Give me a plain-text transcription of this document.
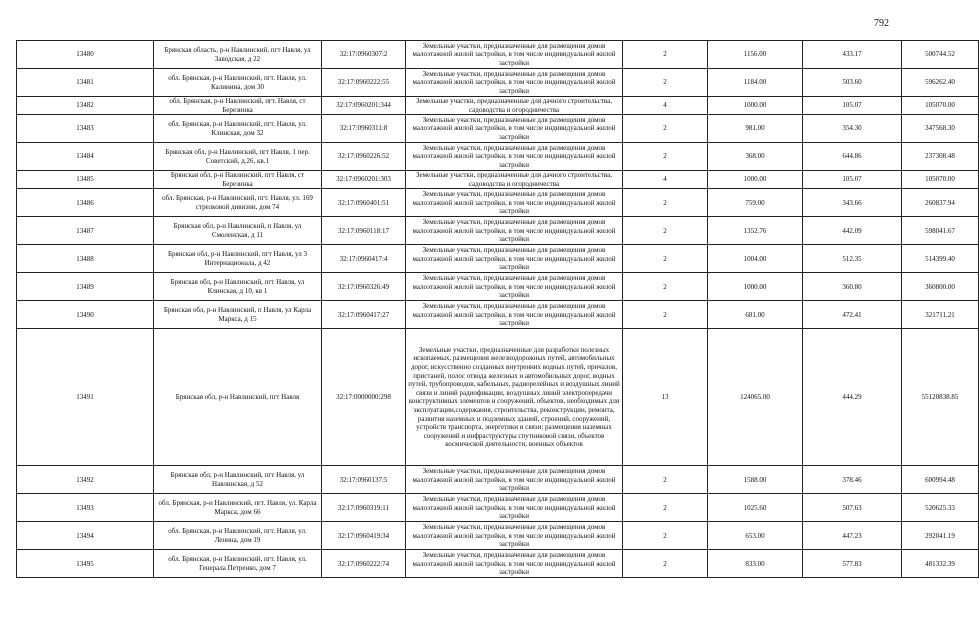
792
13480	Брянская область, р-н Навлинский, пгт Навля, ул Заводская, д 22	32:17:0960307:2	Земельные участки, предназначенные для размещения домов малоэтажной жилой застройки, в том числе индивидуальной жилой застройки	2	1156.00	433.17	500744.52
13481	обл. Брянская, р-н Навлинский, пгт. Навля, ул. Калинина, дом 30	32:17:0960222:55	Земельные участки, предназначенные для размещения домов малоэтажной жилой застройки, в том числе индивидуальной жилой застройки	2	1184.00	503.60	596262.40
13482	обл. Брянская, р-н Навлинский, пгт. Навля, ст Березинка	32:17:0960201:344	Земельные участки, предназначенные для дачного строительства, садоводства и огородничества	4	1000.00	105.07	105070.00
13483	обл. Брянская, р-н Навлинский, пгт. Навля, ул. Клинская, дом 32	32:17:0960311:8	Земельные участки, предназначенные для размещения домов малоэтажной жилой застройки, в том числе индивидуальной жилой застройки	2	981.00	354.30	347568.30
13484	Брянская обл, р-н Навлинский, пгт Навля, 1 пер. Советский, д.26, кв.1	32:17:0960226:52	Земельные участки, предназначенные для размещения домов малоэтажной жилой застройки, в том числе индивидуальной жилой застройки	2	368.00	644.86	237308.48
13485	Брянская обл, р-н Навлинский, пгт Навля, ст Березинка	32:17:0960201:303	Земельные участки, предназначенные для дачного строительства, садоводства и огородничества	4	1000.00	105.07	105070.00
13486	обл. Брянская, р-н Навлинский, пгт. Навля, ул. 169 стрелковой дивизии, дом 74	32:17:0960401:51	Земельные участки, предназначенные для размещения домов малоэтажной жилой застройки, в том числе индивидуальной жилой застройки	2	759.00	343.66	260837.94
13487	Брянская обл, р-н Навлинский, п Навля, ул Смоленская, д 11	32:17:0960118:17	Земельные участки, предназначенные для размещения домов малоэтажной жилой застройки, в том числе индивидуальной жилой застройки	2	1352.76	442.09	598041.67
13488	Брянская обл, р-н Навлинский, пгт Навля, ул 3 Интернационала, д 42	32:17:0960417:4	Земельные участки, предназначенные для размещения домов малоэтажной жилой застройки, в том числе индивидуальной жилой застройки	2	1004.00	512.35	514399.40
13489	Брянская обл, р-н Навлинский, пгт Навля, ул Клинская, д 10, кв 1	32:17:0960326:49	Земельные участки, предназначенные для размещения домов малоэтажной жилой застройки, в том числе индивидуальной жилой застройки	2	1000.00	360.80	360800.00
13490	Брянская обл, р-н Навлинский, п Навля, ул Карла Маркса, д 15	32:17:0960417:27	Земельные участки, предназначенные для размещения домов малоэтажной жилой застройки, в том числе индивидуальной жилой застройки	2	681.00	472.41	321711.21
13491	Брянская обл, р-н Навлинский, пгт Навля	32:17:0000000:298	Земельные участки, предназначенные для разработки полезных ископаемых, размещения железнодорожных путей, автомобильных дорог, искусственно созданных внутренних водных путей, причалов, пристаней, полос отвода железных и автомобильных дорог, водных путей, трубопроводов, кабельных, радиорелейных и воздушных линий связи и линий радиофикации, воздушных линий электропередачи конструктивных элементов и сооружений, объектов, необходимых для эксплуатации,содержания, строительства, реконструкции, ремонта, развития наземных и подземных зданий, строений, сооружений, устройств транспорта, энергетики и связи; размещения наземных сооружений и инфраструктуры спутниковой связи, объектов космической деятельности, военных объектов	13	124065.00	444.29	55120838.85
13492	Брянская обл, р-н Навлинский, пгт Навля, ул Навлинская, д 52	32:17:0960137:5	Земельные участки, предназначенные для размещения домов малоэтажной жилой застройки, в том числе индивидуальной жилой застройки	2	1588.00	378.46	600994.48
13493	обл. Брянская, р-н Навлинский, пгт. Навля, ул. Карла Маркса, дом 66	32:17:0960319:11	Земельные участки, предназначенные для размещения домов малоэтажной жилой застройки, в том числе индивидуальной жилой застройки	2	1025.60	507.63	520625.33
13494	обл. Брянская, р-н Навлинский, пгт. Навля, ул. Ленина, дом 19	32:17:0960419:34	Земельные участки, предназначенные для размещения домов малоэтажной жилой застройки, в том числе индивидуальной жилой застройки	2	653.00	447.23	292041.19
13495	обл. Брянская, р-н Навлинский, пгт. Навля, ул. Генерала Петренко, дом 7	32:17:0960222:74	Земельные участки, предназначенные для размещения домов малоэтажной жилой застройки, в том числе индивидуальной жилой застройки	2	833.00	577.83	481332.39
